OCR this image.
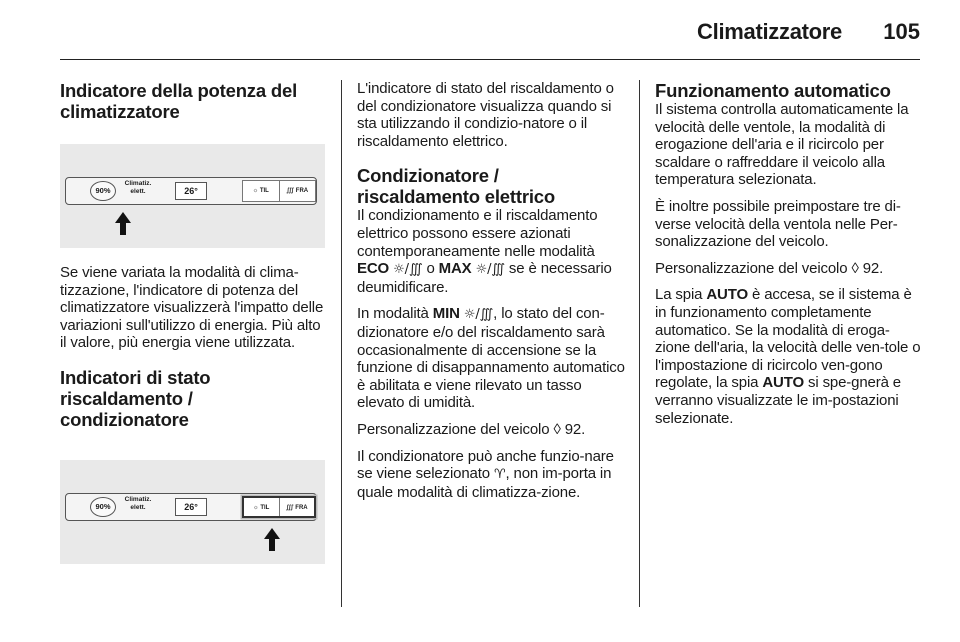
Climatizzatore 105
Indicatore della potenza del climatizzatore
90%
Climatiz. elett.	26°	☼ TIL	∭ FRA

Se viene variata la modalità di clima-tizzazione, l'indicatore di potenza del climatizzatore visualizzerà l'impatto delle variazioni sull'utilizzo di energia. Più alto il valore, più energia viene utilizzata.

Indicatori di stato riscaldamento / condizionatore
90%
Climatiz. elett.	26°	☼ TIL	∭ FRA

L'indicatore di stato del riscaldamento o del condizionatore visualizza quando si sta utilizzando il condizio-natore o il riscaldamento elettrico.

Condizionatore / riscaldamento elettrico

Il condizionamento e il riscaldamento elettrico possono essere azionati contemporaneamente nelle modalità ECO ☼/∭ o MAX ☼/∭ se è necessario deumidificare.

In modalità MIN ☼/∭, lo stato del con-dizionatore e/o del riscaldamento sarà occasionalmente di accensione se la funzione di disappannamento automatico è abilitata e viene rilevato un tasso elevato di umidità.

Personalizzazione del veicolo ◊ 92.

Il condizionatore può anche funzio-nare se viene selezionato ♈, non im-porta in quale modalità di climatizza-zione.

Funzionamento automatico

Il sistema controlla automaticamente la velocità delle ventole, la modalità di erogazione dell'aria e il ricircolo per scaldare o raffreddare il veicolo alla temperatura selezionata.

È inoltre possibile preimpostare tre di-verse velocità della ventola nelle Per-sonalizzazione del veicolo.

Personalizzazione del veicolo ◊ 92.

La spia AUTO è accesa, se il sistema è in funzionamento completamente automatico. Se la modalità di eroga-zione dell'aria, la velocità delle ven-tole o l'impostazione di ricircolo ven-gono regolate, la spia AUTO si spe-gnerà e verranno visualizzate le im-postazioni selezionate.
